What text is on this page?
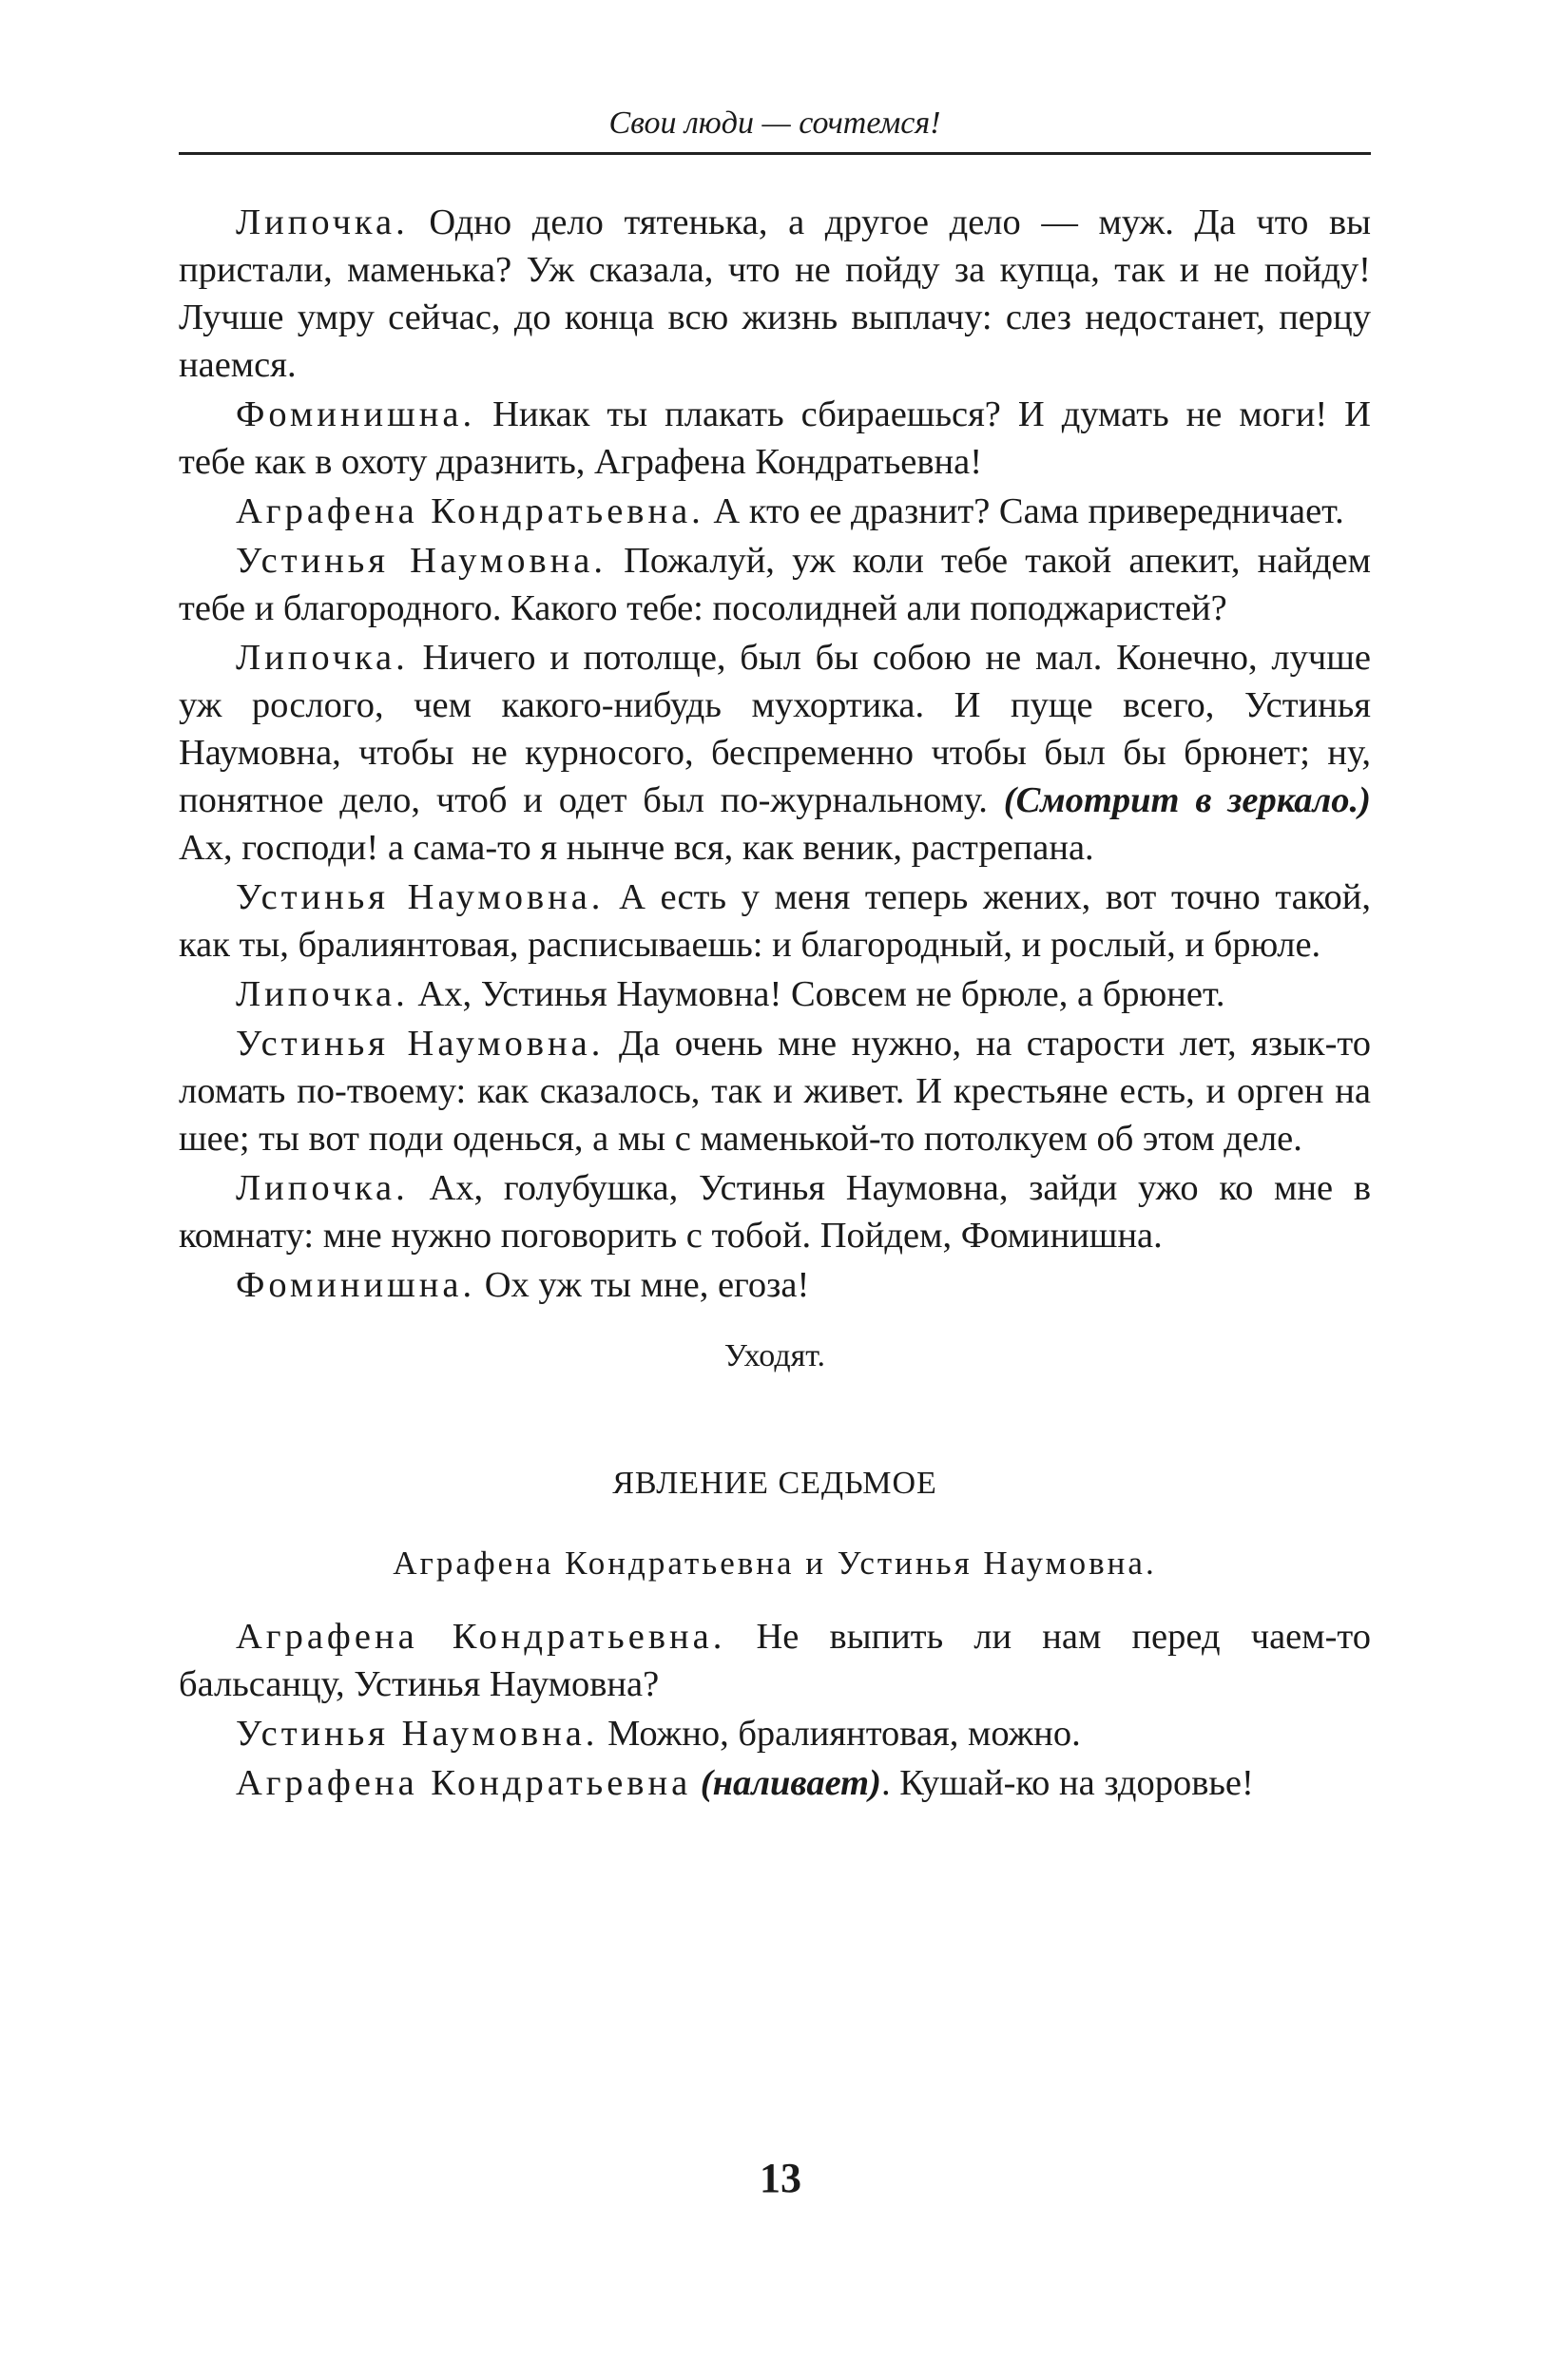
Свои люди — сочтемся!

Липочка. Одно дело тятенька, а другое дело — муж. Да что вы пристали, маменька? Уж сказала, что не пойду за купца, так и не пойду! Лучше умру сейчас, до конца всю жизнь выплачу: слез недостанет, перцу наемся.

Фоминишна. Никак ты плакать сбираешься? И думать не моги! И тебе как в охоту дразнить, Аграфена Кондратьевна!

Аграфена Кондратьевна. А кто ее дразнит? Сама привередничает.

Устинья Наумовна. Пожалуй, уж коли тебе такой апекит, найдем тебе и благородного. Какого тебе: посолидней али поподжаристей?

Липочка. Ничего и потолще, был бы собою не мал. Конечно, лучше уж рослого, чем какого-нибудь мухортика. И пуще всего, Устинья Наумовна, чтобы не курносого, беспременно чтобы был бы брюнет; ну, понятное дело, чтоб и одет был по-журнальному. (Смотрит в зеркало.) Ах, господи! а сама-то я нынче вся, как веник, растрепана.

Устинья Наумовна. А есть у меня теперь жених, вот точно такой, как ты, бралиянтовая, расписываешь: и благородный, и рослый, и брюле.

Липочка. Ах, Устинья Наумовна! Совсем не брюле, а брюнет.

Устинья Наумовна. Да очень мне нужно, на старости лет, язык-то ломать по-твоему: как сказалось, так и живет. И крестьяне есть, и орген на шее; ты вот поди оденься, а мы с маменькой-то потолкуем об этом деле.

Липочка. Ах, голубушка, Устинья Наумовна, зайди ужо ко мне в комнату: мне нужно поговорить с тобой. Пойдем, Фоминишна.

Фоминишна. Ох уж ты мне, егоза!

Уходят.
ЯВЛЕНИЕ СЕДЬМОЕ
Аграфена Кондратьевна и Устинья Наумовна.

Аграфена Кондратьевна. Не выпить ли нам перед чаем-то бальсанцу, Устинья Наумовна?

Устинья Наумовна. Можно, бралиянтовая, можно.

Аграфена Кондратьевна (наливает). Кушай-ко на здоровье!

13
